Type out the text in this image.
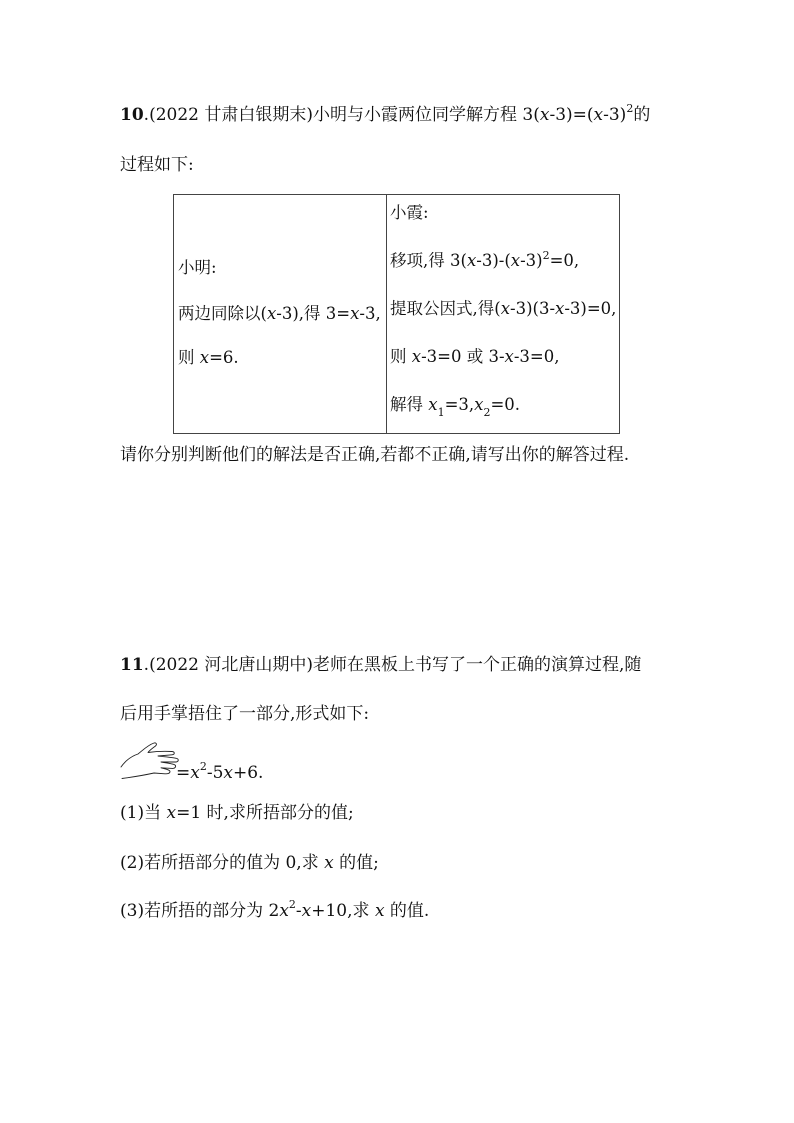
10.(2022 甘肃白银期末)小明与小霞两位同学解方程 $3(x-3)=(x-3)^2$的
过程如下:
小明:
两边同除以(x-3),得 3=x-3,
则 x=6.
小霞:
移项,得 $3(x-3)-(x-3)^2=0$,
提取公因式,得(x-3)(3-x-3)=0,
则 x-3=0 或 3-x-3=0,
解得 $x_1=3,x_2=0$.
请你分别判断他们的解法是否正确,若都不正确,请写出你的解答过程.
11.(2022 河北唐山期中)老师在黑板上书写了一个正确的演算过程,随
后用手掌捂住了一部分,形式如下:
$=x^2-5x+6$.
(1)当 x=1 时,求所捂部分的值;
(2)若所捂部分的值为 0,求 x 的值;
(3)若所捂的部分为 $2x^2-x+10$,求 x 的值.
